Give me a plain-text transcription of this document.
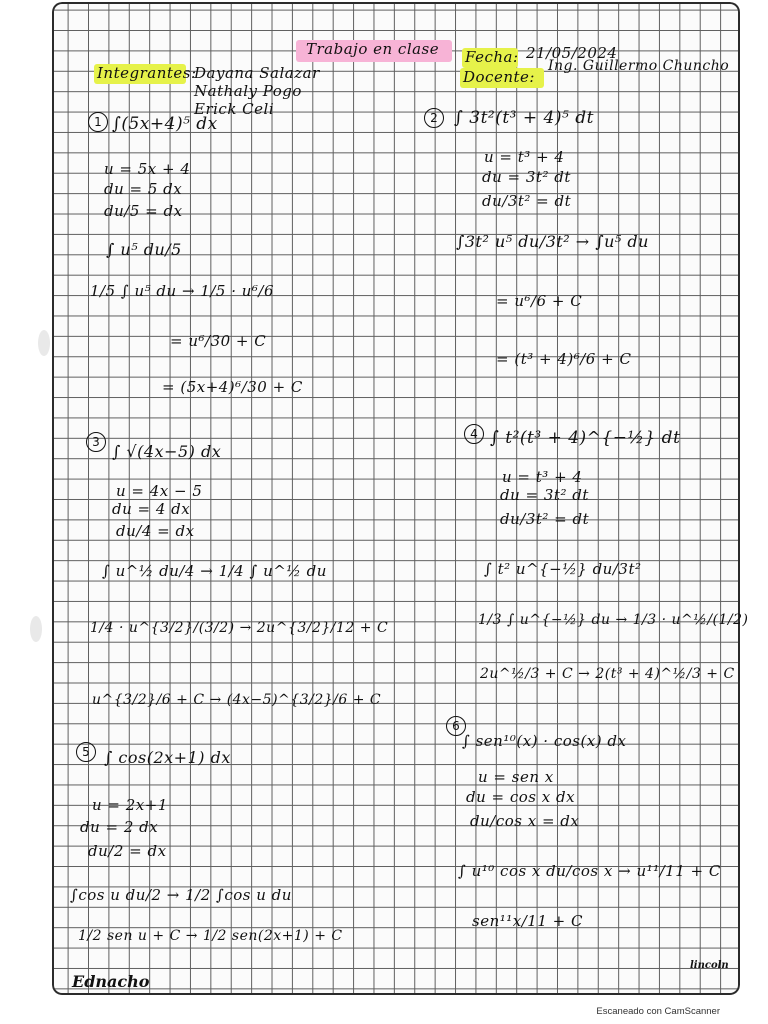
Trabajo en clase
Integrantes:
Dayana Salazar
Nathaly Pogo
Erick Celi
Fecha: 21/05/2024
Docente:
Ing. Guillermo Chuncho
1 ∫(5x+4)⁵ dx
u = 5x + 4
du = 5 dx
du/5 = dx
∫ u⁵ du/5
1/5 ∫ u⁵ du → 1/5 · u⁶/6
= u⁶/30 + C
= (5x+4)⁶/30 + C
2 ∫ 3t²(t³ + 4)⁵ dt
u = t³ + 4
du = 3t² dt
du/3t² = dt
∫3t² u⁵ du/3t² → ∫u⁵ du
= u⁶/6 + C
= (t³ + 4)⁶/6 + C
3 ∫ √(4x−5) dx
u = 4x − 5
du = 4 dx
du/4 = dx
∫ u^½ du/4 → 1/4 ∫ u^½ du
1/4 · u^{3/2}/(3/2) → 2u^{3/2}/12 + C
u^{3/2}/6 + C → (4x−5)^{3/2}/6 + C
4 ∫ t²(t³ + 4)^{−½} dt
u = t³ + 4
du = 3t² dt
du/3t² = dt
∫ t² u^{−½} du/3t²
1/3 ∫ u^{−½} du → 1/3 · u^½/(1/2)
2u^½/3 + C → 2(t³ + 4)^½/3 + C
5 ∫ cos(2x+1) dx
u = 2x+1
du = 2 dx
du/2 = dx
∫cos u du/2 → 1/2 ∫cos u du
1/2 sen u + C → 1/2 sen(2x+1) + C
6
∫ sen¹⁰(x) · cos(x) dx
u = sen x
du = cos x dx
du/cos x = dx
∫ u¹⁰ cos x du/cos x → u¹¹/11 + C
sen¹¹x/11 + C
Ednacho
lincoln
Escaneado con CamScanner
